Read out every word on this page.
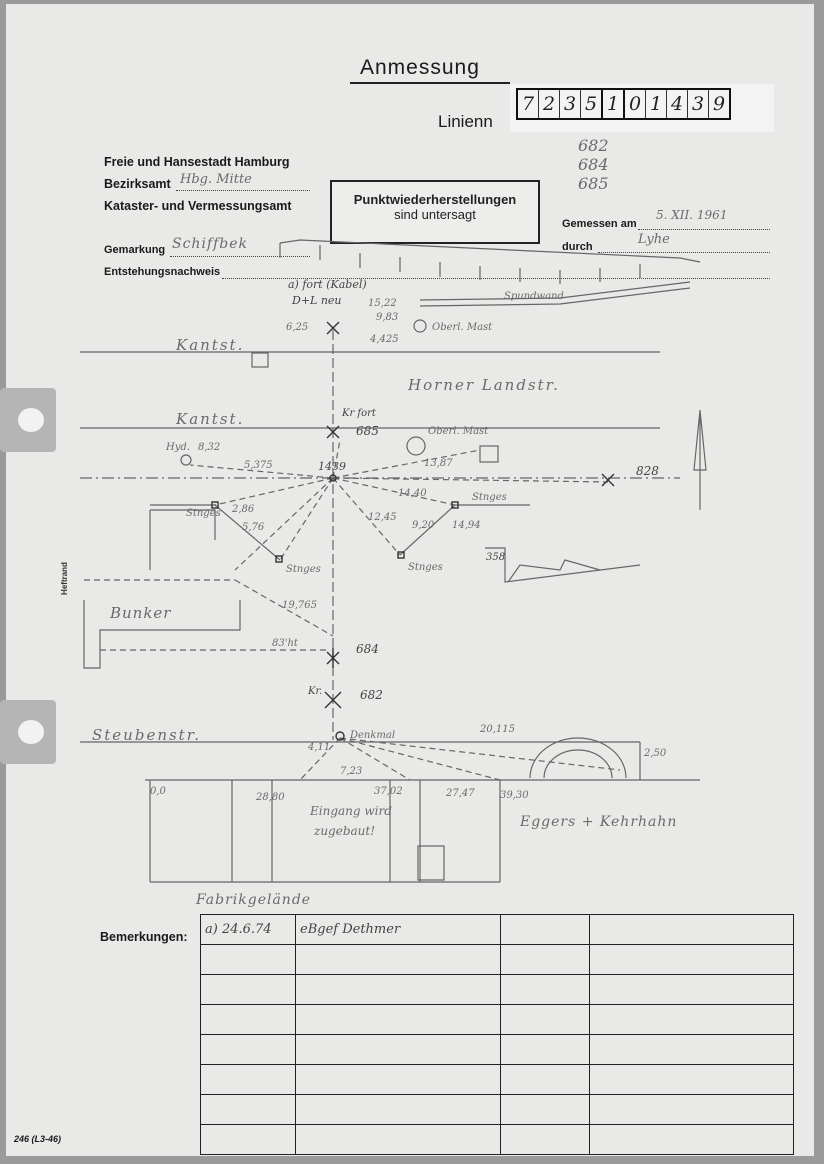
Anmessung
Linienn
7 2 3 5 1 0 1 4 3 9
682
684
685
Freie und Hansestadt Hamburg
Bezirksamt Hbg. Mitte
Kataster- und Vermessungsamt	Punktwiederherstellungen
sind untersagt
Gemessen am
5. XII. 1961
durch	Lyhe
Gemarkung Schiffbek
Entstehungsnachweis
Kantst.
Horner Landstr.
Kantst.
Steubenstr.
Bunker
Eggers + Kehrhahn
Fabrikgelände
Eingang wird
zugebaut!
Spundwand
685
684
682
828
1439
358
a) fort (Kabel)
D+L neu
Oberl. Mast
Oberl. Mast
Kr fort
Kr.
Hyd.
Stnges
Stnges
Stnges	Stnges
Denkmal
15,22
9,83
6,25
4,425
8,32
5,375	13,87
14,40
12,45
9,20 14,94
5,76
2,86
19,765
83'ht
20,115
7,23
4,11
2,50
0,0
28,80
37,02	39,30
27,47
Bemerkungen: a) 24.6.74	eBgef Dethmer		

Heftrand
246 (L3-46)
